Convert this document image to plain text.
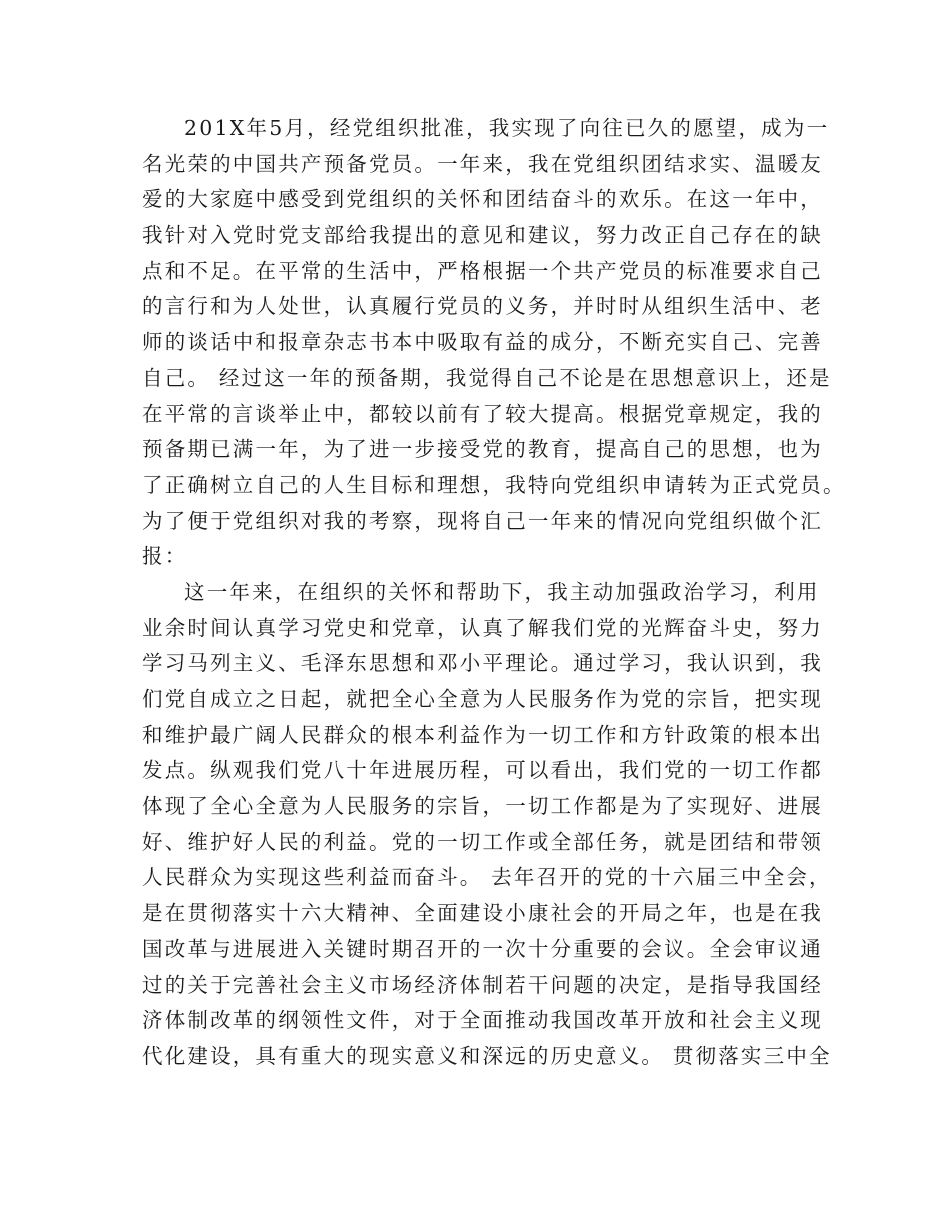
201X年5月，经党组织批准，我实现了向往已久的愿望，成为一
名光荣的中国共产预备党员。一年来，我在党组织团结求实、温暖友
爱的大家庭中感受到党组织的关怀和团结奋斗的欢乐。在这一年中，
我针对入党时党支部给我提出的意见和建议，努力改正自己存在的缺
点和不足。在平常的生活中，严格根据一个共产党员的标准要求自己
的言行和为人处世，认真履行党员的义务，并时时从组织生活中、老
师的谈话中和报章杂志书本中吸取有益的成分，不断充实自己、完善
自己。 经过这一年的预备期，我觉得自己不论是在思想意识上，还是
在平常的言谈举止中，都较以前有了较大提高。根据党章规定，我的
预备期已满一年，为了进一步接受党的教育，提高自己的思想，也为
了正确树立自己的人生目标和理想，我特向党组织申请转为正式党员。
为了便于党组织对我的考察，现将自己一年来的情况向党组织做个汇
报：
这一年来，在组织的关怀和帮助下，我主动加强政治学习，利用
业余时间认真学习党史和党章，认真了解我们党的光辉奋斗史，努力
学习马列主义、毛泽东思想和邓小平理论。通过学习，我认识到，我
们党自成立之日起，就把全心全意为人民服务作为党的宗旨，把实现
和维护最广阔人民群众的根本利益作为一切工作和方针政策的根本出
发点。纵观我们党八十年进展历程，可以看出，我们党的一切工作都
体现了全心全意为人民服务的宗旨，一切工作都是为了实现好、进展
好、维护好人民的利益。党的一切工作或全部任务，就是团结和带领
人民群众为实现这些利益而奋斗。 去年召开的党的十六届三中全会，
是在贯彻落实十六大精神、全面建设小康社会的开局之年，也是在我
国改革与进展进入关键时期召开的一次十分重要的会议。全会审议通
过的关于完善社会主义市场经济体制若干问题的决定，是指导我国经
济体制改革的纲领性文件，对于全面推动我国改革开放和社会主义现
代化建设，具有重大的现实意义和深远的历史意义。 贯彻落实三中全
